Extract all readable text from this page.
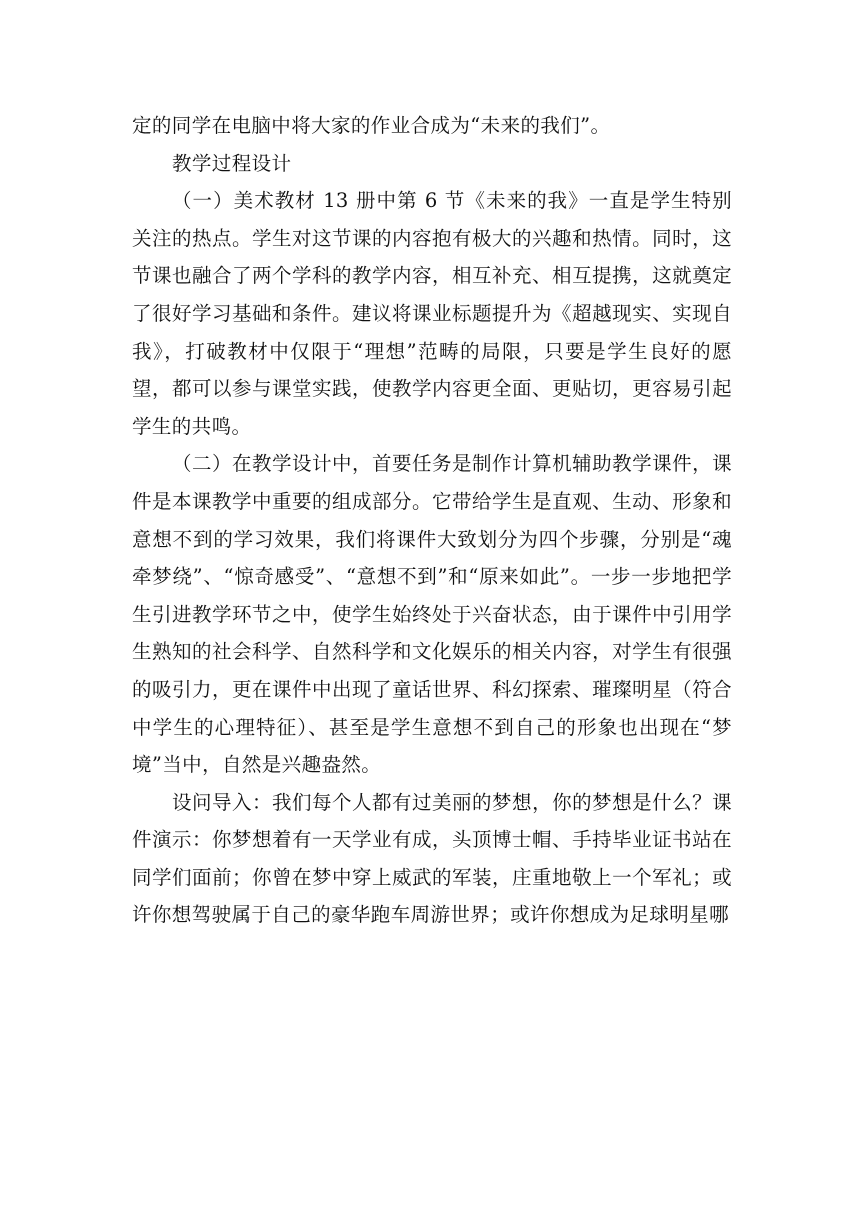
定的同学在电脑中将大家的作业合成为“未来的我们”。

教学过程设计

（一）美术教材 13 册中第 6 节《未来的我》一直是学生特别关注的热点。学生对这节课的内容抱有极大的兴趣和热情。同时，这节课也融合了两个学科的教学内容，相互补充、相互提携，这就奠定了很好学习基础和条件。建议将课业标题提升为《超越现实、实现自我》，打破教材中仅限于“理想”范畴的局限，只要是学生良好的愿望，都可以参与课堂实践，使教学内容更全面、更贴切，更容易引起学生的共鸣。

（二）在教学设计中，首要任务是制作计算机辅助教学课件，课件是本课教学中重要的组成部分。它带给学生是直观、生动、形象和意想不到的学习效果，我们将课件大致划分为四个步骤，分别是“魂牵梦绕”、“惊奇感受”、“意想不到”和“原来如此”。一步一步地把学生引进教学环节之中，使学生始终处于兴奋状态，由于课件中引用学生熟知的社会科学、自然科学和文化娱乐的相关内容，对学生有很强的吸引力，更在课件中出现了童话世界、科幻探索、璀璨明星（符合中学生的心理特征）、甚至是学生意想不到自己的形象也出现在“梦境”当中，自然是兴趣盎然。

设问导入：我们每个人都有过美丽的梦想，你的梦想是什么？课件演示：你梦想着有一天学业有成，头顶博士帽、手持毕业证书站在同学们面前；你曾在梦中穿上威武的军装，庄重地敬上一个军礼；或许你想驾驶属于自己的豪华跑车周游世界；或许你想成为足球明星哪
